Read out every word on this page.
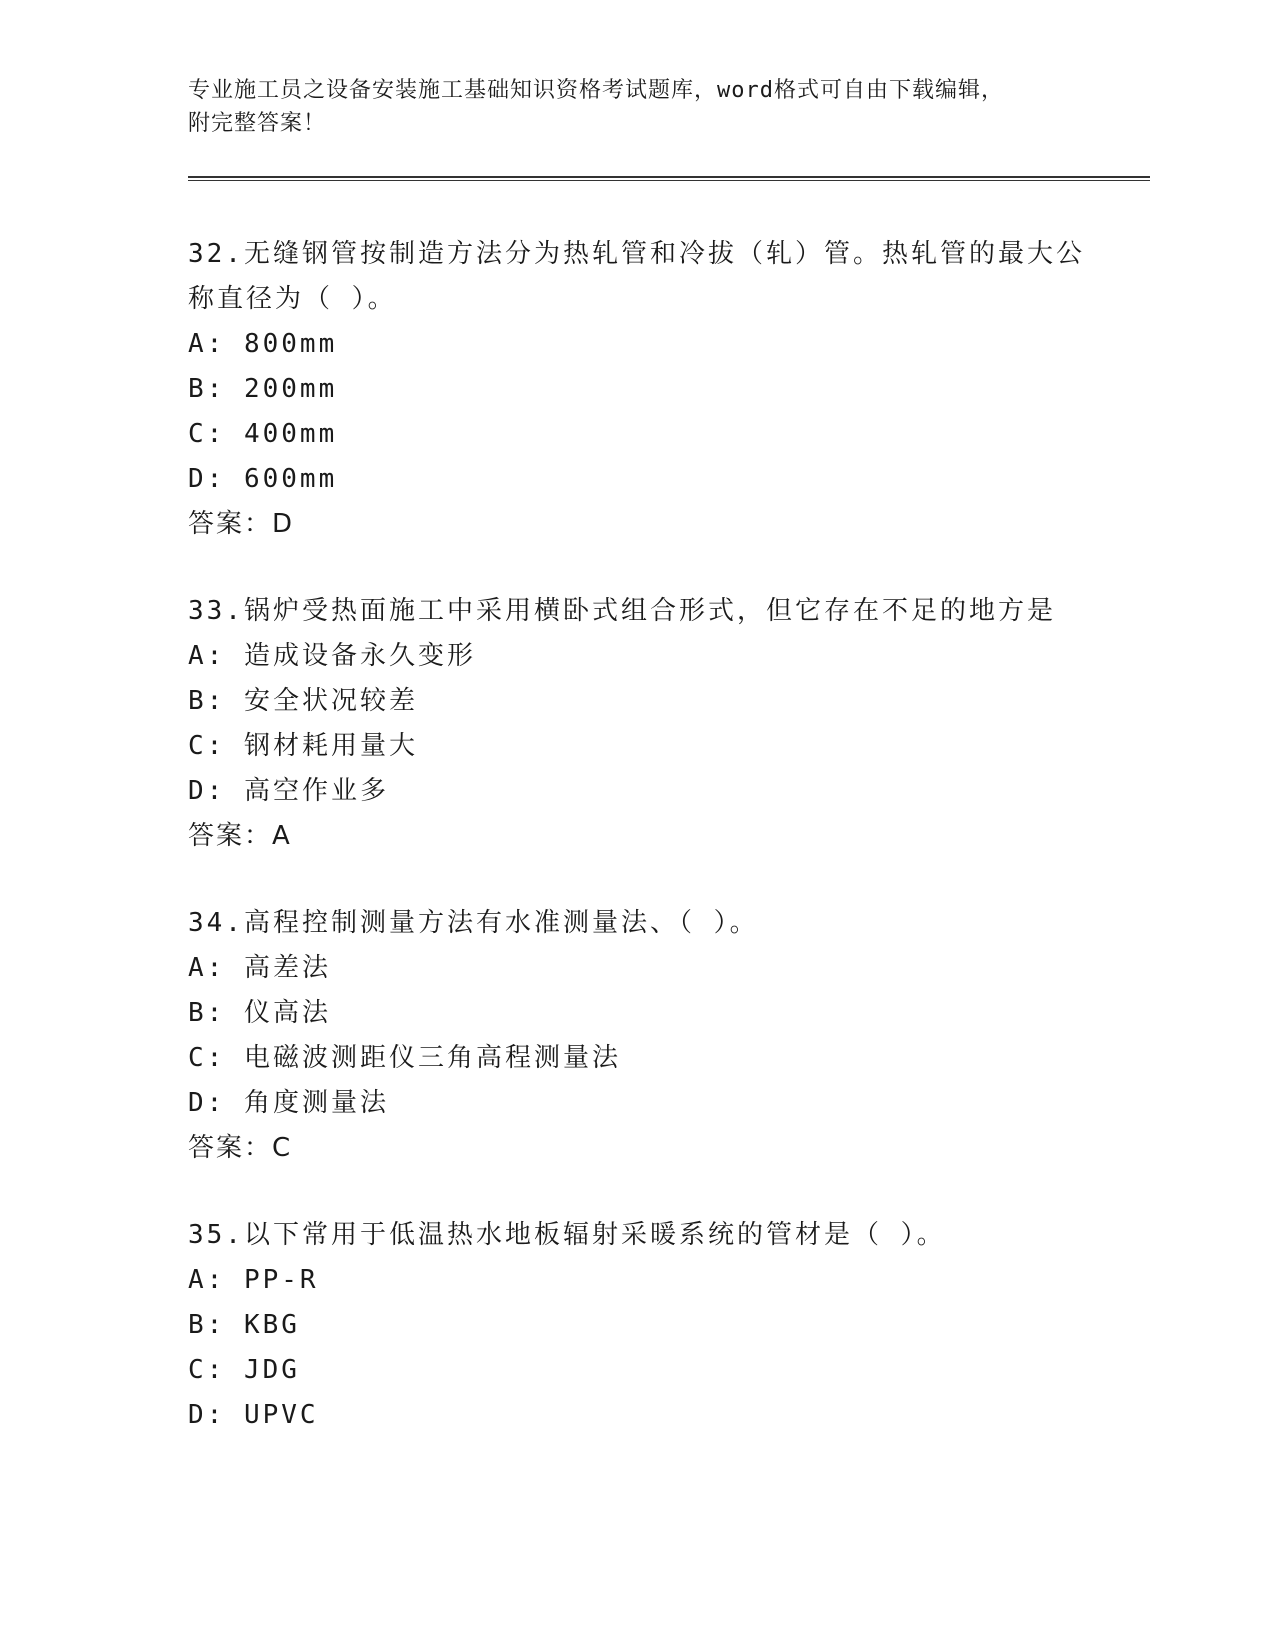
专业施工员之设备安装施工基础知识资格考试题库，word格式可自由下载编辑，
附完整答案！

32.无缝钢管按制造方法分为热轧管和冷拔（轧）管。热轧管的最大公

称直径为（ ）。

A: 800mm

B: 200mm

C: 400mm

D: 600mm

答案：D

33.锅炉受热面施工中采用横卧式组合形式，但它存在不足的地方是

A: 造成设备永久变形

B: 安全状况较差

C: 钢材耗用量大

D: 高空作业多

答案：A

34.高程控制测量方法有水准测量法、（ ）。

A: 高差法

B: 仪高法

C: 电磁波测距仪三角高程测量法

D: 角度测量法

答案：C

35.以下常用于低温热水地板辐射采暖系统的管材是（ ）。

A: PP-R

B: KBG

C: JDG

D: UPVC
